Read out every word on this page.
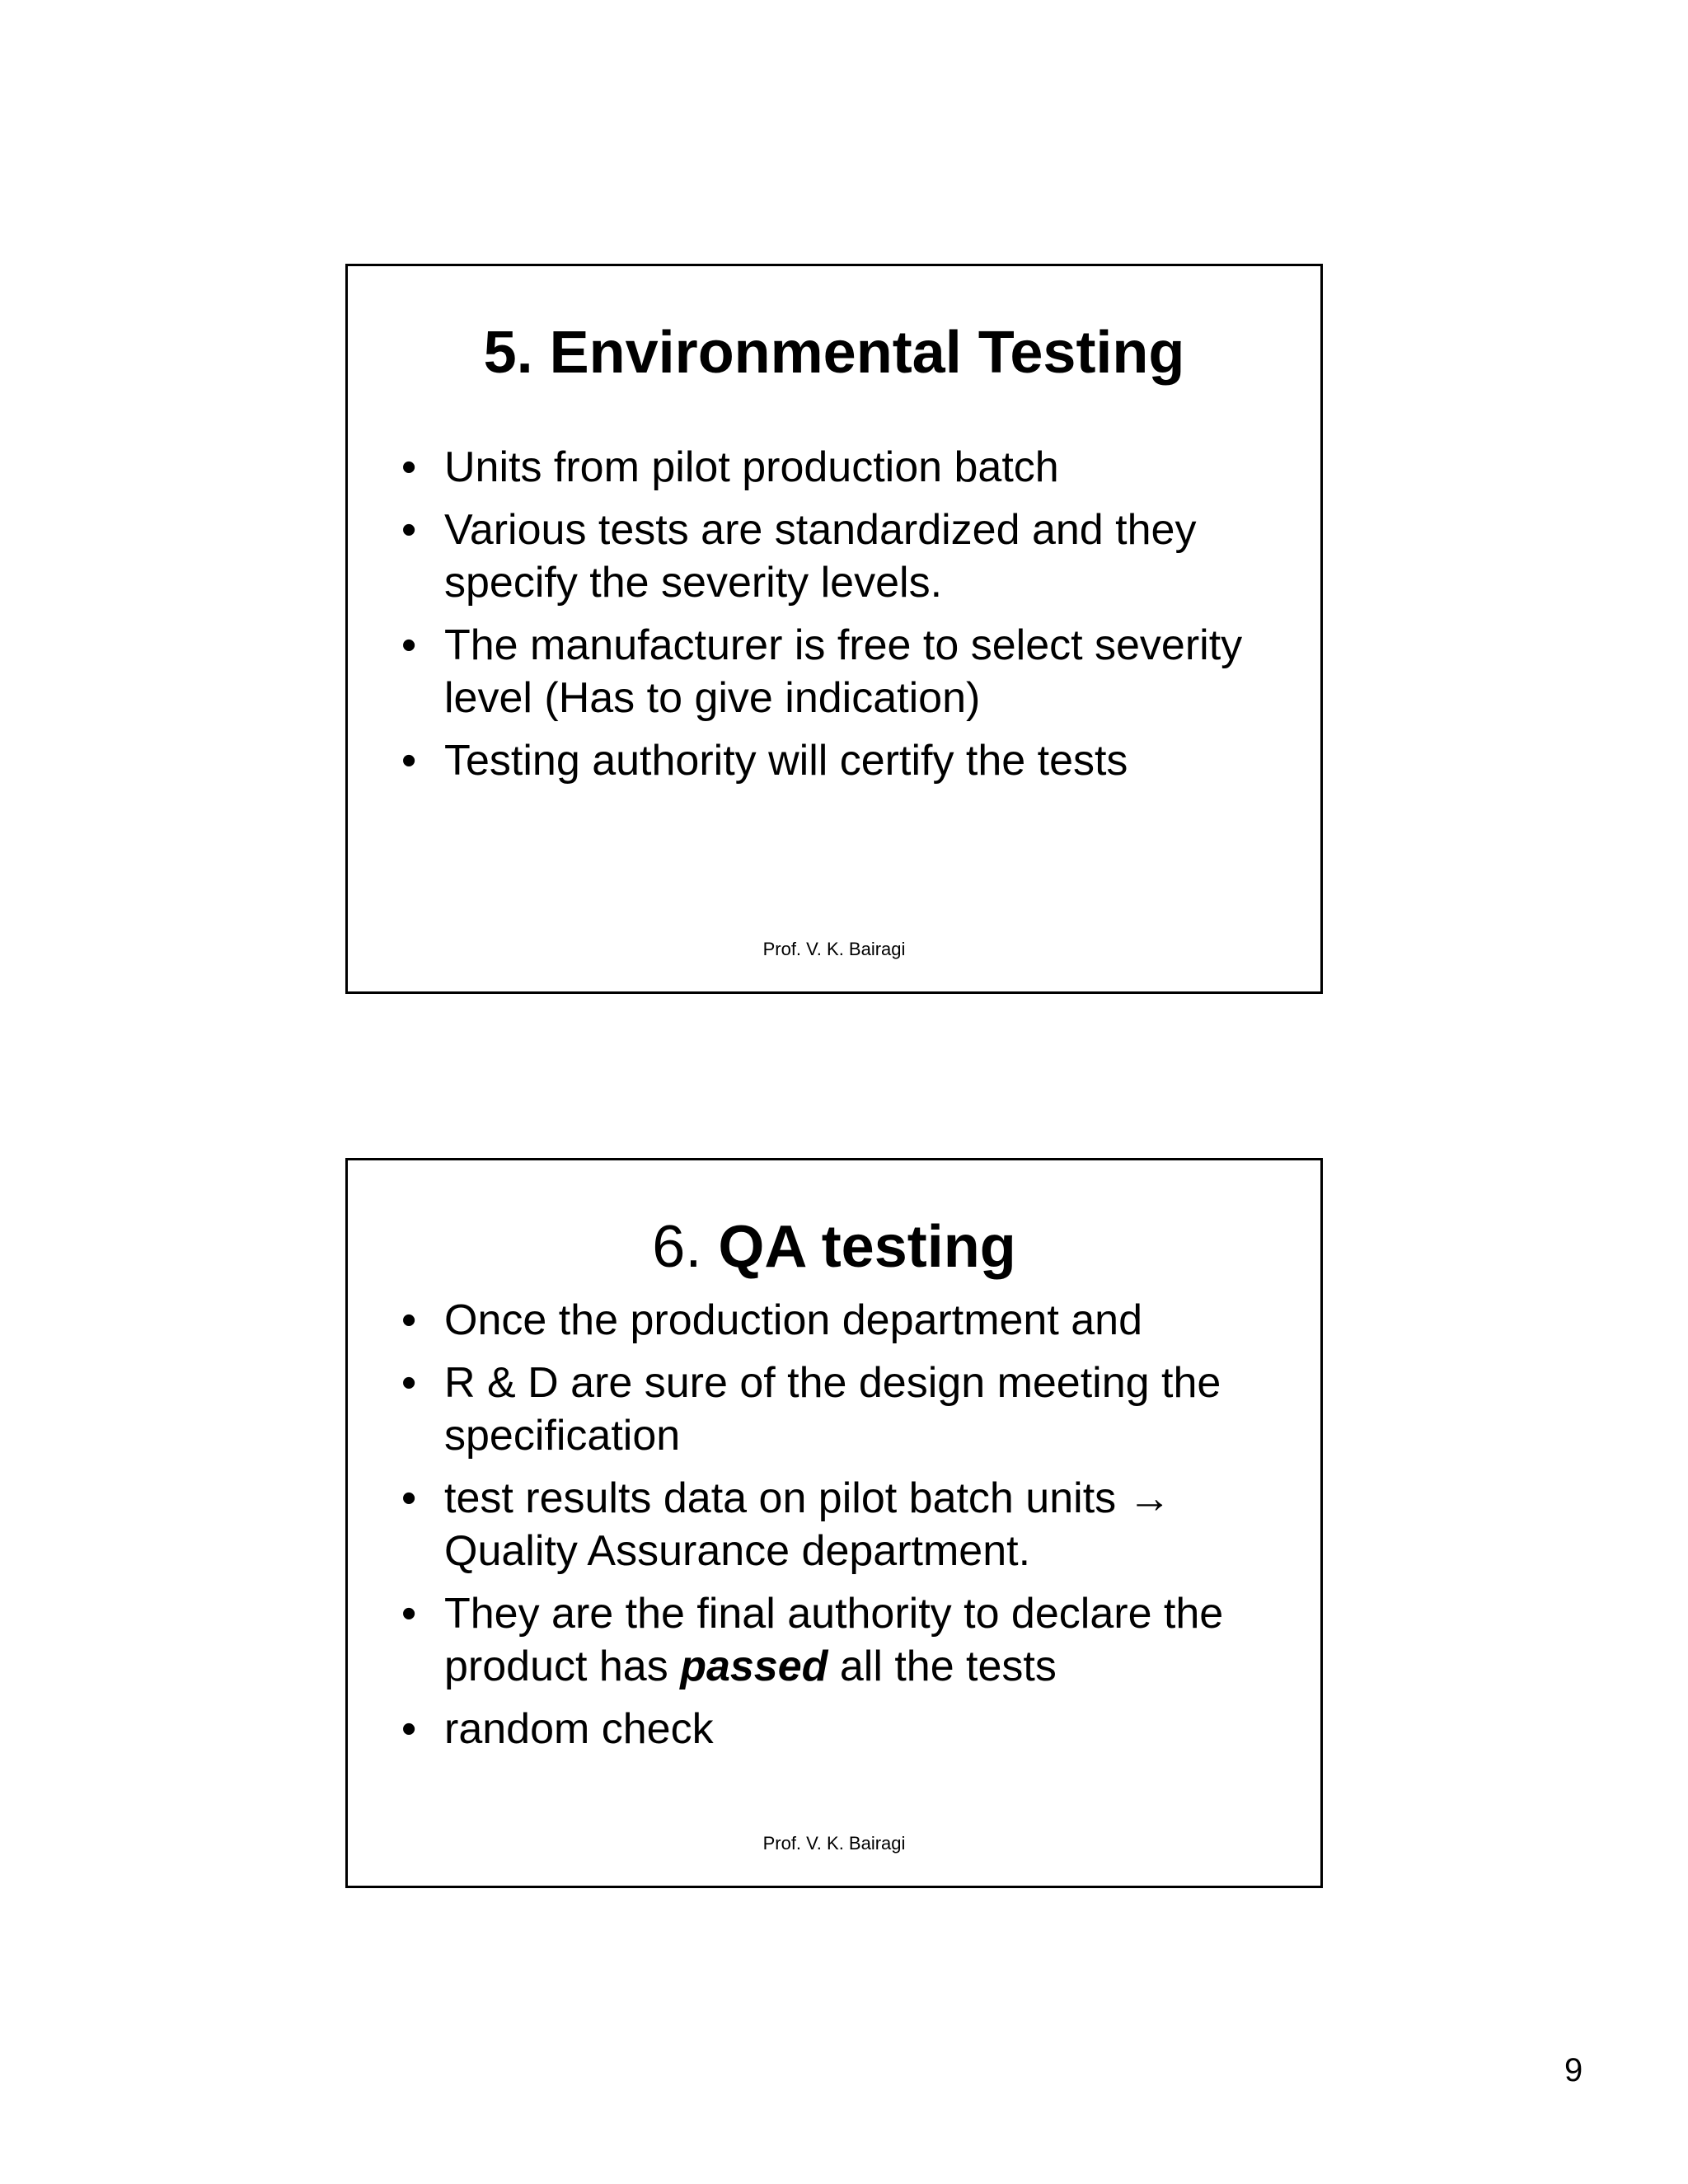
5. Environmental Testing
• Units from pilot production batch
• Various tests are standardized and they specify the severity levels.
• The manufacturer is free to select severity level (Has to give indication)
• Testing authority will certify the tests
Prof. V. K. Bairagi
6. QA testing
• Once the production department and
• R & D are sure of the design meeting the specification
• test results data on pilot batch units → Quality Assurance department.
• They are the final authority to declare the product has passed all the tests
• random check
Prof. V. K. Bairagi
9
